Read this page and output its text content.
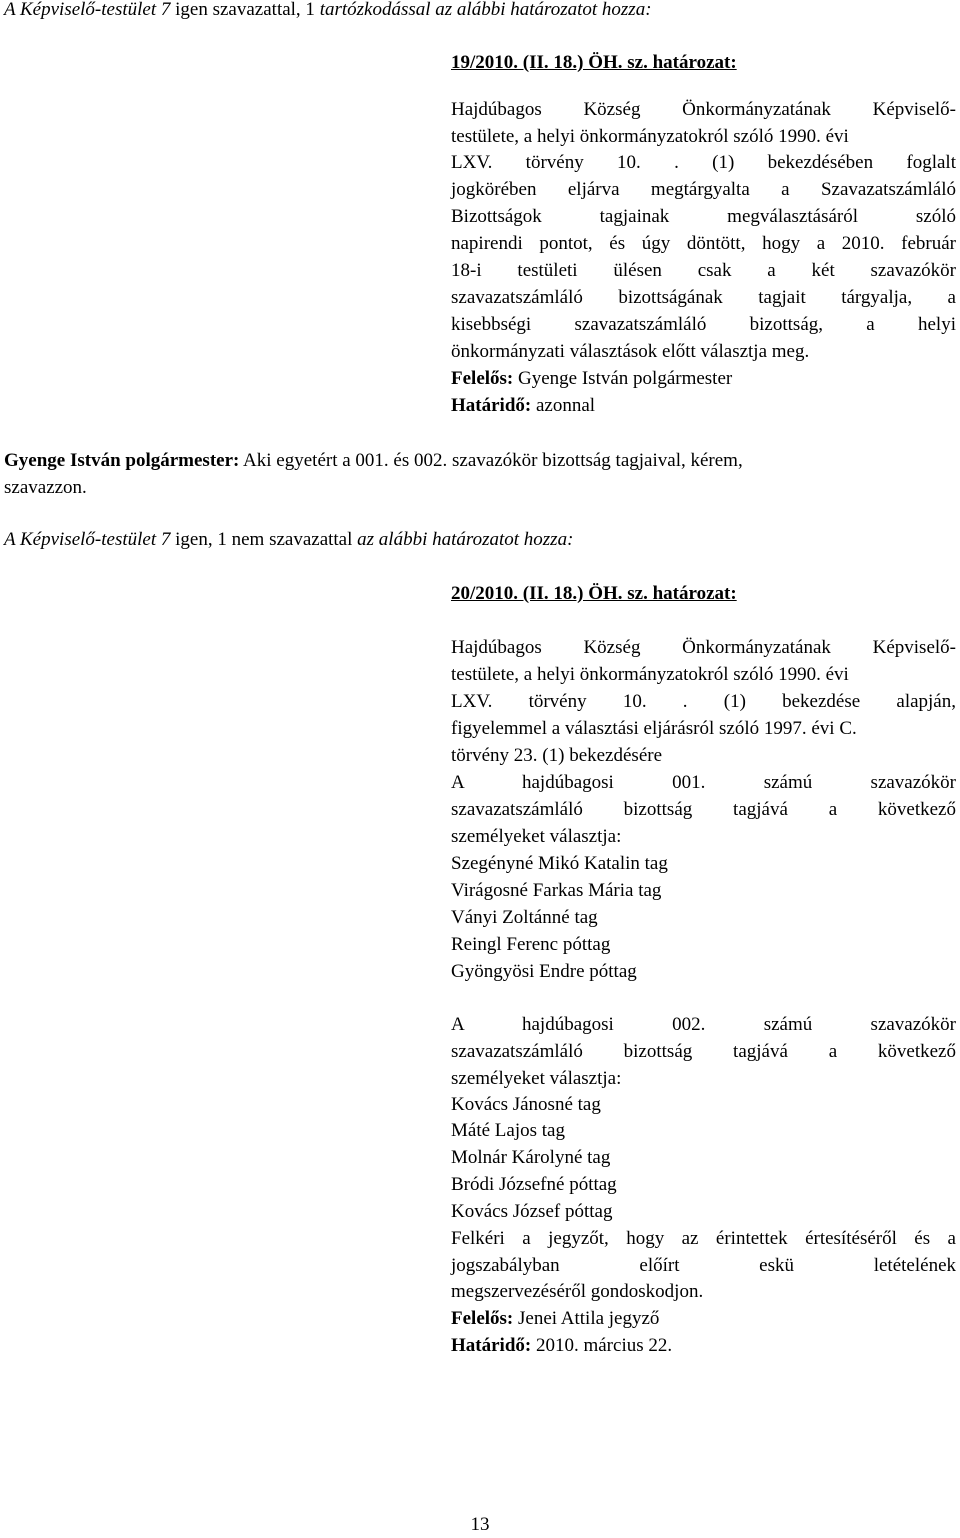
A Képviselő-testület 7 igen szavazattal, 1 tartózkodással az alábbi határozatot hozza:
19/2010. (II. 18.) ÖH. sz. határozat:
Hajdúbagos Község Önkormányzatának Képviselő-
testülete, a helyi önkormányzatokról szóló 1990. évi
LXV. törvény 10. . (1) bekezdésében foglalt
jogkörében eljárva megtárgyalta a Szavazatszámláló
Bizottságok tagjainak megválasztásáról szóló
napirendi pontot, és úgy döntött, hogy a 2010. február
18-i testületi ülésen csak a két szavazókör
szavazatszámláló bizottságának tagjait tárgyalja, a
kisebbségi szavazatszámláló bizottság, a helyi
önkormányzati választások előtt választja meg.
Felelős: Gyenge István polgármester
Határidő: azonnal
Gyenge István polgármester: Aki egyetért a 001. és 002. szavazókör bizottság tagjaival, kérem,
szavazzon.
A Képviselő-testület 7 igen, 1 nem szavazattal az alábbi határozatot hozza:
20/2010. (II. 18.) ÖH. sz. határozat:
Hajdúbagos Község Önkormányzatának Képviselő-
testülete, a helyi önkormányzatokról szóló 1990. évi
LXV. törvény 10. . (1) bekezdése alapján,
figyelemmel a választási eljárásról szóló 1997. évi C.
törvény 23. (1) bekezdésére
A hajdúbagosi 001. számú szavazókör
szavazatszámláló bizottság tagjává a következő
személyeket választja:
Szegényné Mikó Katalin tag
Virágosné Farkas Mária tag
Ványi Zoltánné tag
Reingl Ferenc póttag
Gyöngyösi Endre póttag
A hajdúbagosi 002. számú szavazókör
szavazatszámláló bizottság tagjává a következő
személyeket választja:
Kovács Jánosné tag
Máté Lajos tag
Molnár Károlyné tag
Bródi Józsefné póttag
Kovács József póttag
Felkéri a jegyzőt, hogy az érintettek értesítéséről és a
jogszabályban előírt eskü letételének
megszervezéséről gondoskodjon.
Felelős: Jenei Attila jegyző
Határidő: 2010. március 22.
13
